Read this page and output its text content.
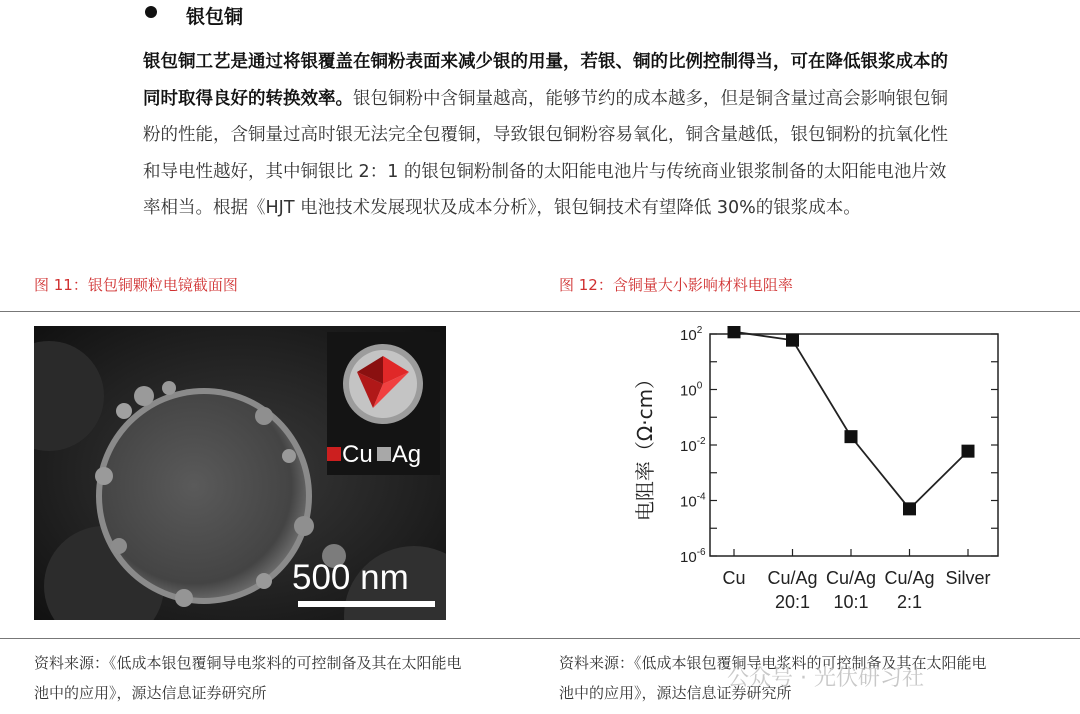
银包铜
银包铜工艺是通过将银覆盖在铜粉表面来减少银的用量，若银、铜的比例控制得当，可在降低银浆成本的同时取得良好的转换效率。银包铜粉中含铜量越高，能够节约的成本越多，但是铜含量过高会影响银包铜粉的性能，含铜量过高时银无法完全包覆铜，导致银包铜粉容易氧化，铜含量越低，银包铜粉的抗氧化性和导电性越好，其中铜银比 2：1 的银包铜粉制备的太阳能电池片与传统商业银浆制备的太阳能电池片效率相当。根据《HJT 电池技术发展现状及成本分析》，银包铜技术有望降低 30%的银浆成本。
图 11：银包铜颗粒电镜截面图	图 12：含铜量大小影响材料电阻率
Cu Ag
500 nm
$10^{-6}$
$10^{-4}$
$10^{-2}$
$10^0$
$10^2$
电阻率（Ω·cm）
Cu Cu/Ag
20:1
Cu/Ag
10:1
Cu/Ag
2:1
Silver
资料来源：《低成本银包覆铜导电浆料的可控制备及其在太阳能电
池中的应用》，源达信息证券研究所
资料来源：《低成本银包覆铜导电浆料的可控制备及其在太阳能电
池中的应用》，源达信息证券研究所
公众号 · 光伏研习社
